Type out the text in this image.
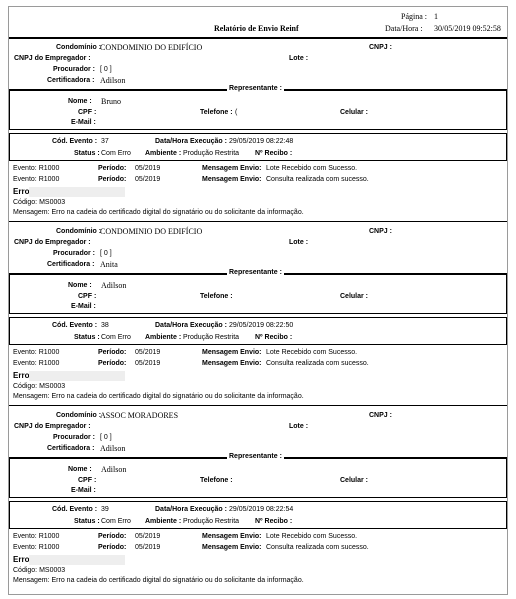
Página : 1
Relatório de Envio Reinf	Data/Hora : 30/05/2019 09:52:58
Condomínio :
CONDOMINIO DO EDIFÍCIO	CNPJ :
CNPJ do Empregador :	Lote :
Procurador : [ 0 ]
Certificadora : Adilson
Representante :
Nome : Bruno
CPF :	Telefone : (	Celular :
E-Mail :
Cód. Evento : 37	Data/Hora Execução : 29/05/2019 08:22:48
Status : Com Erro Ambiente : Produção Restrita Nº Recibo :
Evento: R1000	Período: 05/2019	Mensagem Envio: Lote Recebido com Sucesso.
Evento: R1000	Período: 05/2019	Mensagem Envio: Consulta realizada com sucesso.
Erro
Código: MS0003
Mensagem: Erro na cadeia do certificado digital do signatário ou do solicitante da informação.
Condomínio :
CONDOMINIO DO EDIFÍCIO	CNPJ :
CNPJ do Empregador :	Lote :
Procurador : [ 0 ]
Certificadora : Anita
Representante :
Nome : Adilson
CPF :	Telefone :	Celular :
E-Mail :
Cód. Evento : 38	Data/Hora Execução : 29/05/2019 08:22:50
Status : Com Erro Ambiente : Produção Restrita Nº Recibo :
Evento: R1000	Período: 05/2019	Mensagem Envio: Lote Recebido com Sucesso.
Evento: R1000	Período: 05/2019	Mensagem Envio: Consulta realizada com sucesso.
Erro
Código: MS0003
Mensagem: Erro na cadeia do certificado digital do signatário ou do solicitante da informação.
Condomínio :
ASSOC MORADORES	CNPJ :
CNPJ do Empregador :	Lote :
Procurador : [ 0 ]
Certificadora : Adilson
Representante :
Nome : Adilson
CPF :	Telefone :	Celular :
E-Mail :
Cód. Evento : 39	Data/Hora Execução : 29/05/2019 08:22:54
Status : Com Erro Ambiente : Produção Restrita Nº Recibo :
Evento: R1000	Período: 05/2019	Mensagem Envio: Lote Recebido com Sucesso.
Evento: R1000	Período: 05/2019	Mensagem Envio: Consulta realizada com sucesso.
Erro
Código: MS0003
Mensagem: Erro na cadeia do certificado digital do signatário ou do solicitante da informação.
